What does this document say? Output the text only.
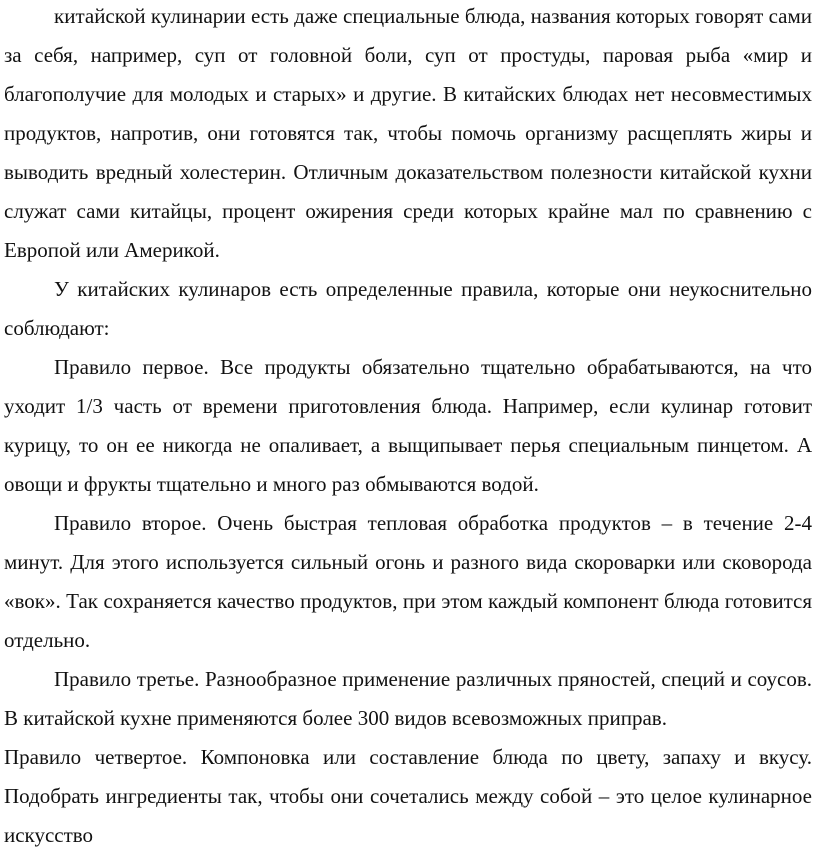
китайской кулинарии есть даже специальные блюда, названия которых говорят сами за себя, например, суп от головной боли, суп от простуды, паровая рыба «мир и благополучие для молодых и старых» и другие. В китайских блюдах нет несовместимых продуктов, напротив, они готовятся так, чтобы помочь организму расщеплять жиры и выводить вредный холестерин. Отличным доказательством полезности китайской кухни служат сами китайцы, процент ожирения среди которых крайне мал по сравнению с Европой или Америкой.

У китайских кулинаров есть определенные правила, которые они неукоснительно соблюдают:

Правило первое. Все продукты обязательно тщательно обрабатываются, на что уходит 1/3 часть от времени приготовления блюда. Например, если кулинар готовит курицу, то он ее никогда не опаливает, а выщипывает перья специальным пинцетом. А овощи и фрукты тщательно и много раз обмываются водой.

Правило второе. Очень быстрая тепловая обработка продуктов – в течение 2-4 минут. Для этого используется сильный огонь и разного вида скороварки или сковорода «вок». Так сохраняется качество продуктов, при этом каждый компонент блюда готовится отдельно.

Правило третье. Разнообразное применение различных пряностей, специй и соусов. В китайской кухне применяются более 300 видов всевозможных приправ.

Правило четвертое. Компоновка или составление блюда по цвету, запаху и вкусу. Подобрать ингредиенты так, чтобы они сочетались между собой – это целое кулинарное искусство
